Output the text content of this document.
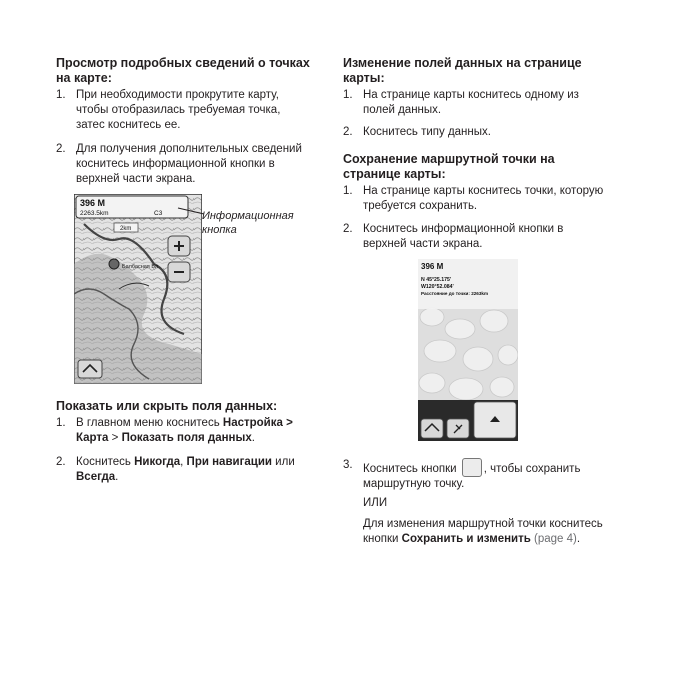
Просмотр подробных сведений о точках
на карте:

1. При необходимости прокрутите карту,
чтобы отобразилась требуемая точка,
затес коснитесь ее.
2. Для получения дополнительных сведений
коснитесь информационной кнопки в
верхней части экрана.
396 M
2263.5km	C3
2km
Балбасная Вл.
Информационная
кнопка

Показать или скрыть поля данных:

1. В главном меню коснитесь Настройка >
Карта > Показать поля данных.
2. Коснитесь Никогда, При навигации или
Всегда.

Изменение полей данных на странице
карты:

1. На странице карты коснитесь одному из
полей данных.
2. Коснитесь типу данных.

Сохранение маршрутной точки на
странице карты:

1. На странице карты коснитесь точки, которую
требуется сохранить.
2. Коснитесь информационной кнопки в
верхней части экрана.
396 M
N 45°25.175'
W120°52.084'
Расстояние до точки: 2263km
3. Коснитесь кнопки , чтобы сохранить
маршрутную точку.
ИЛИ
Для изменения маршрутной точки коснитесь
кнопки Сохранить и изменить (page 4).
